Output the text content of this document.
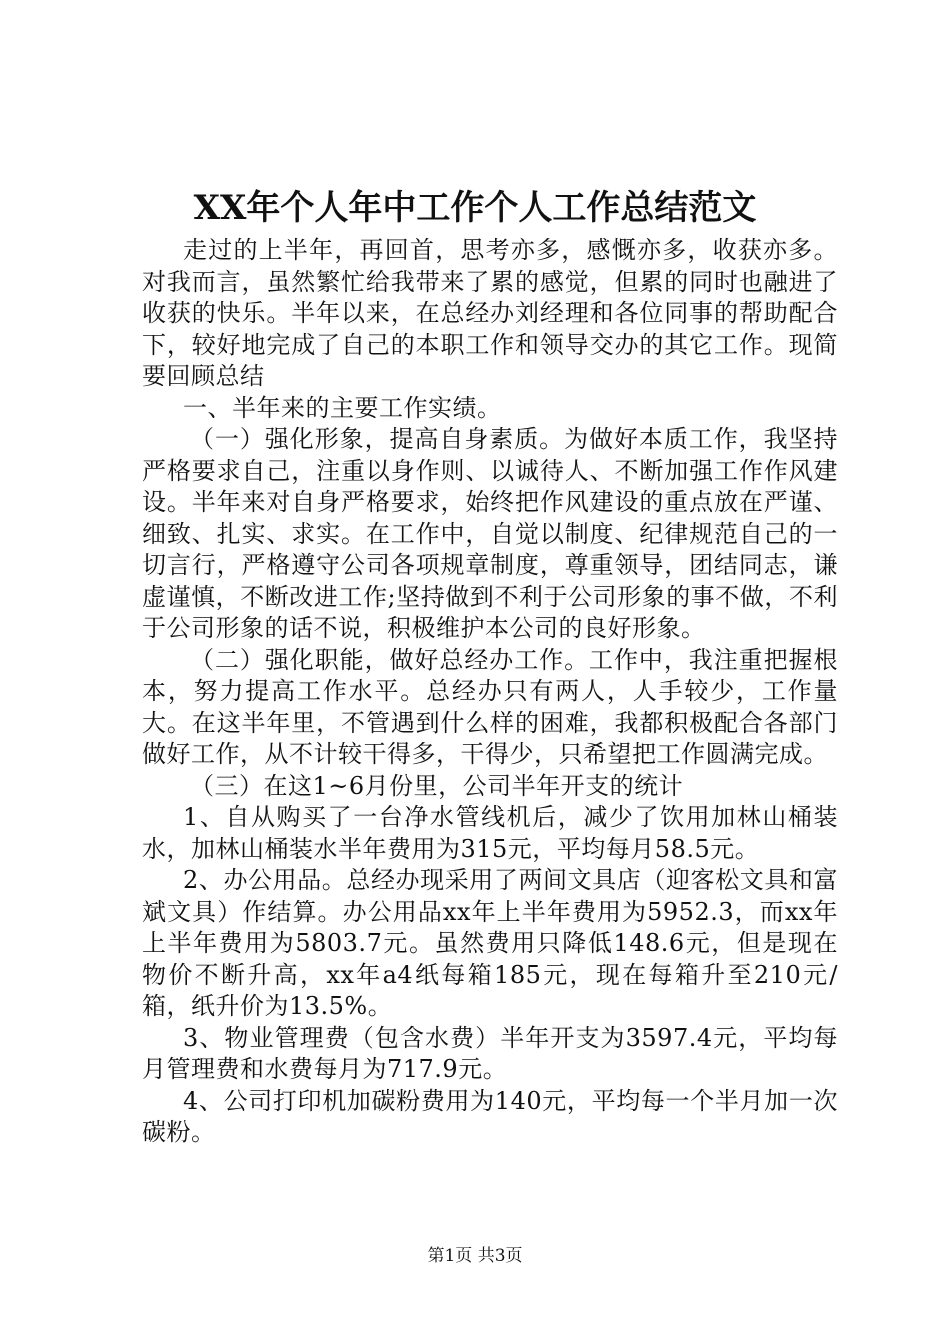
XX年个人年中工作个人工作总结范文

走过的上半年，再回首，思考亦多，感慨亦多，收获亦多。对我而言，虽然繁忙给我带来了累的感觉，但累的同时也融进了收获的快乐。半年以来，在总经办刘经理和各位同事的帮助配合下，较好地完成了自己的本职工作和领导交办的其它工作。现简要回顾总结

一、半年来的主要工作实绩。

（一）强化形象，提高自身素质。为做好本质工作，我坚持严格要求自己，注重以身作则、以诚待人、不断加强工作作风建设。半年来对自身严格要求，始终把作风建设的重点放在严谨、细致、扎实、求实。在工作中，自觉以制度、纪律规范自己的一切言行，严格遵守公司各项规章制度，尊重领导，团结同志，谦虚谨慎，不断改进工作;坚持做到不利于公司形象的事不做，不利于公司形象的话不说，积极维护本公司的良好形象。

（二）强化职能，做好总经办工作。工作中，我注重把握根本，努力提高工作水平。总经办只有两人，人手较少，工作量大。在这半年里，不管遇到什么样的困难，我都积极配合各部门做好工作，从不计较干得多，干得少，只希望把工作圆满完成。

（三）在这1~6月份里，公司半年开支的统计

1、自从购买了一台净水管线机后，减少了饮用加林山桶装水，加林山桶装水半年费用为315元，平均每月58.5元。

2、办公用品。总经办现采用了两间文具店（迎客松文具和富斌文具）作结算。办公用品xx年上半年费用为5952.3，而xx年上半年费用为5803.7元。虽然费用只降低148.6元，但是现在物价不断升高，xx年a4纸每箱185元，现在每箱升至210元/箱，纸升价为13.5%。

3、物业管理费（包含水费）半年开支为3597.4元，平均每月管理费和水费每月为717.9元。

4、公司打印机加碳粉费用为140元，平均每一个半月加一次碳粉。

第1页 共3页
